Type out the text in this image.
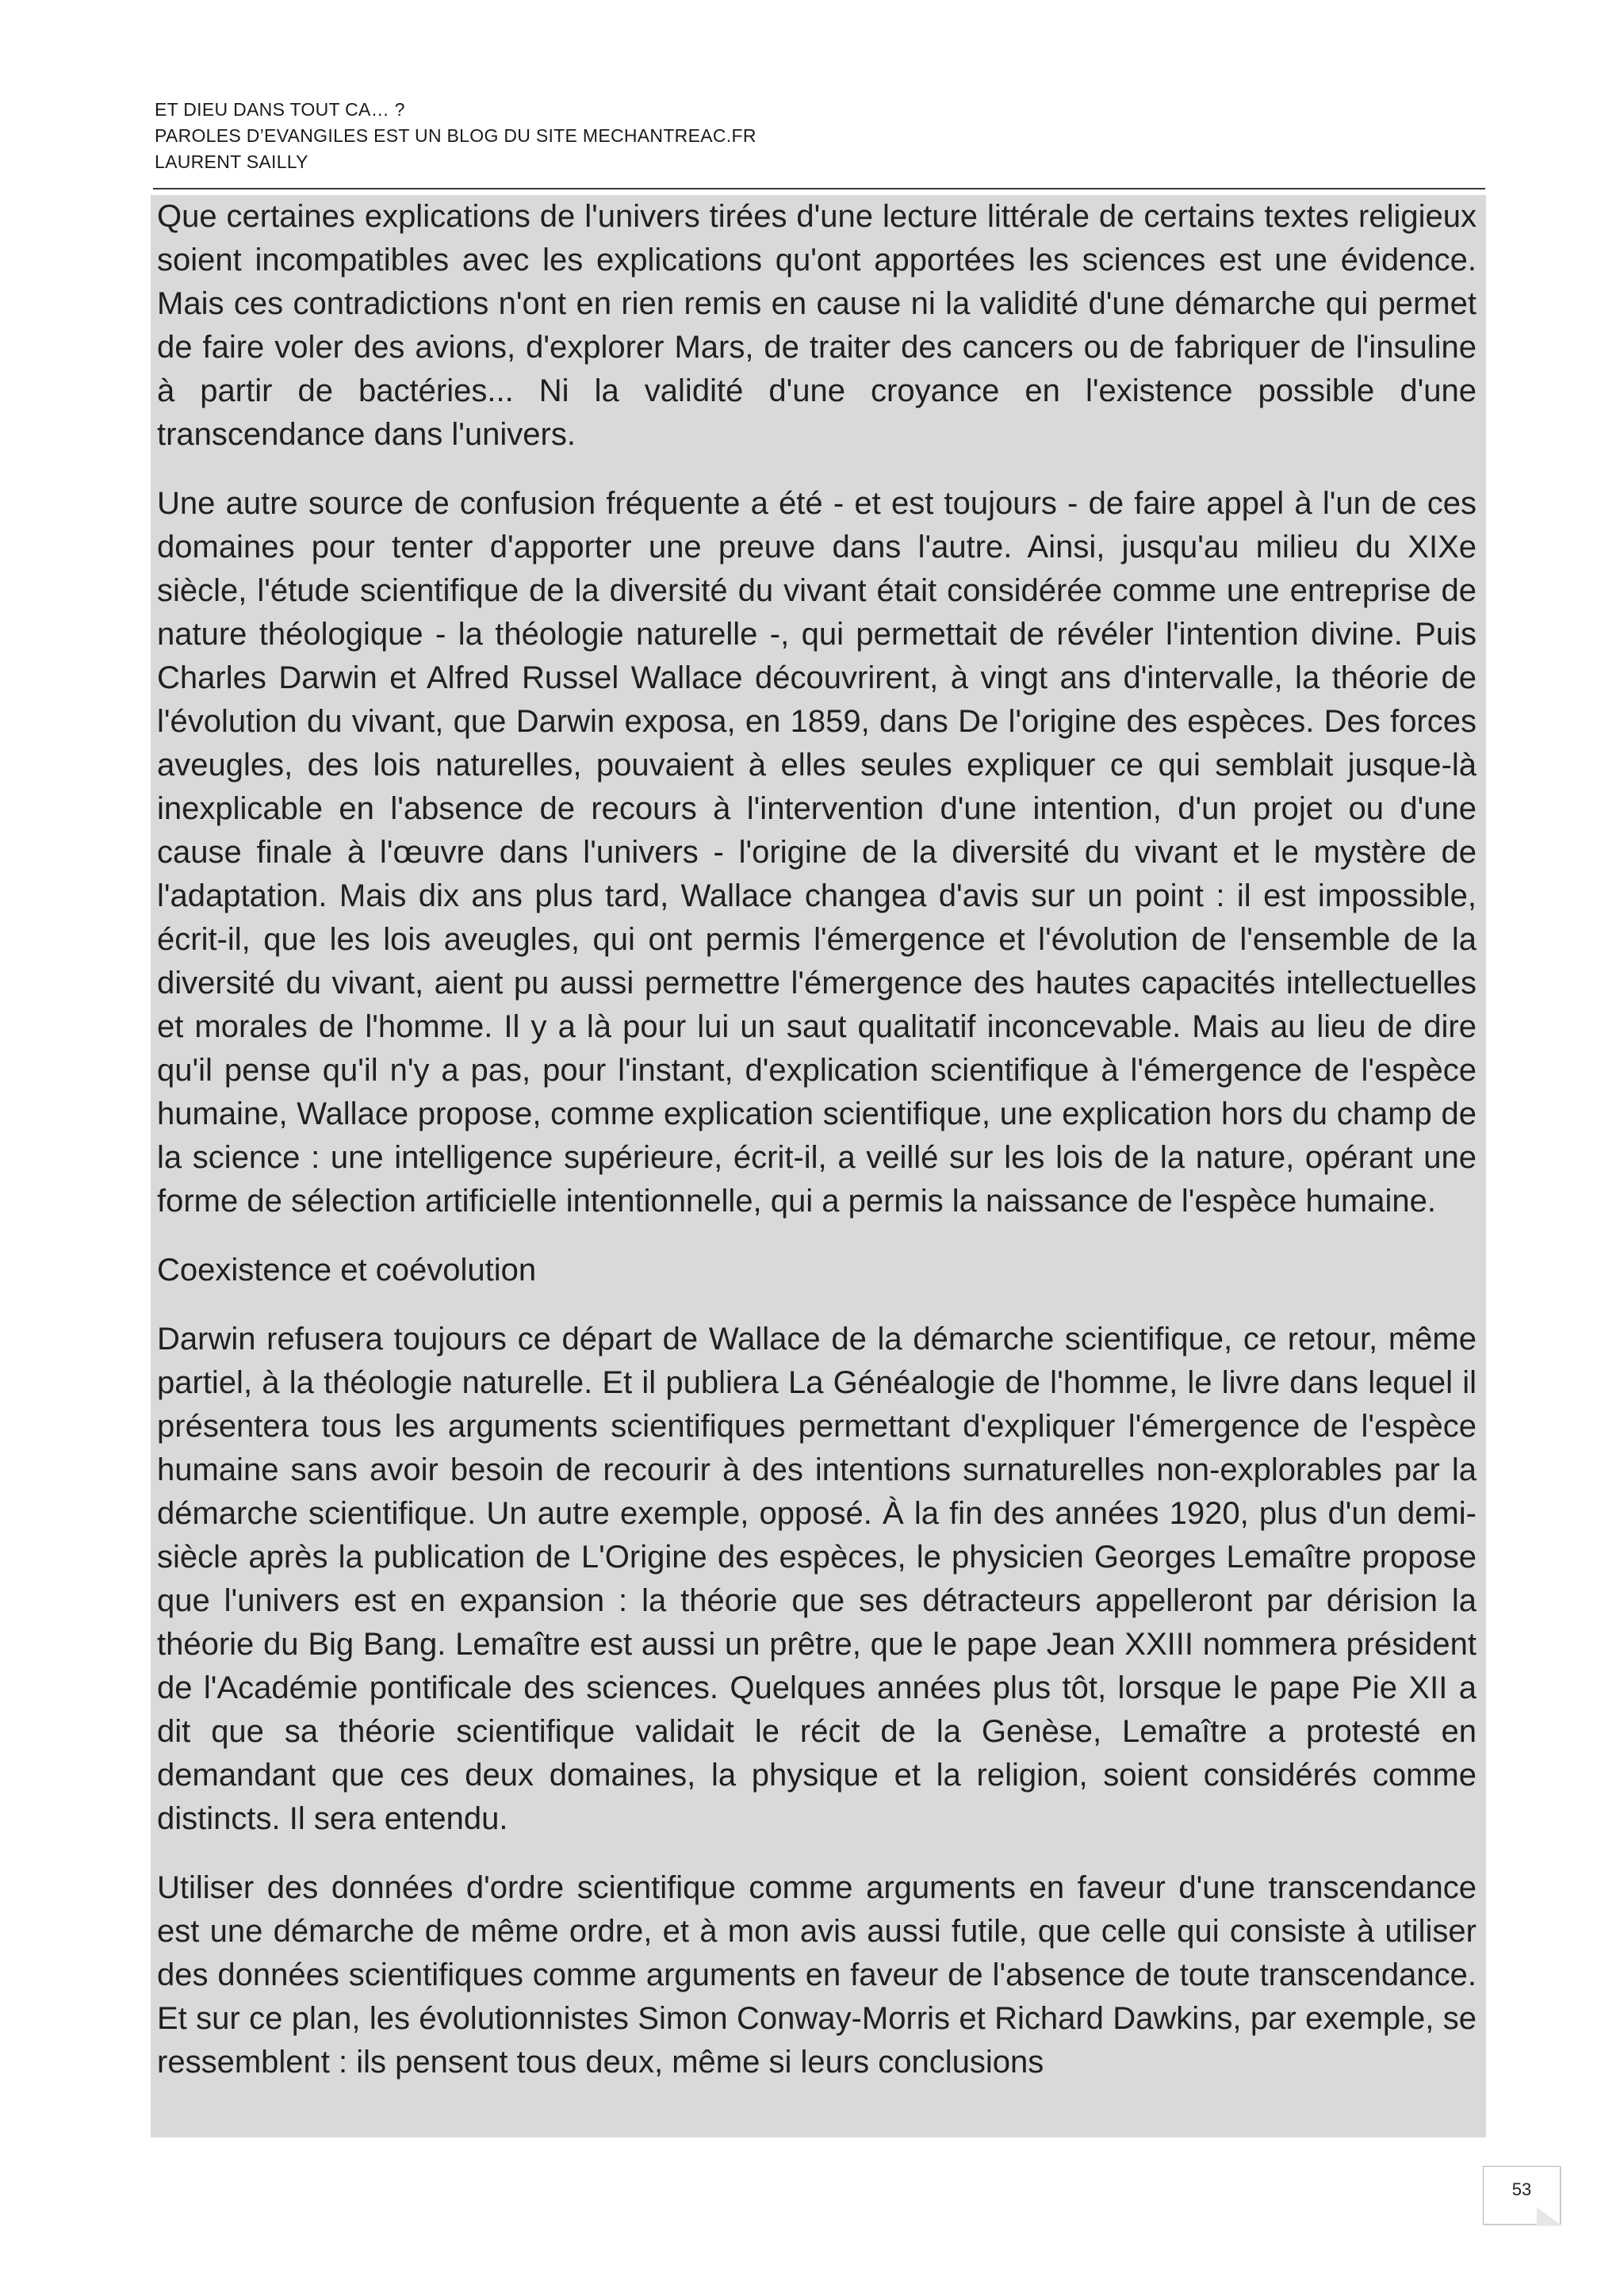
ET DIEU DANS TOUT CA… ?
PAROLES D’EVANGILES EST UN BLOG DU SITE MECHANTREAC.FR
LAURENT SAILLY

Que certaines explications de l'univers tirées d'une lecture littérale de certains textes religieux soient incompatibles avec les explications qu'ont apportées les sciences est une évidence. Mais ces contradictions n'ont en rien remis en cause ni la validité d'une démarche qui permet de faire voler des avions, d'explorer Mars, de traiter des cancers ou de fabriquer de l'insuline à partir de bactéries... Ni la validité d'une croyance en l'existence possible d'une transcendance dans l'univers.

Une autre source de confusion fréquente a été - et est toujours - de faire appel à l'un de ces domaines pour tenter d'apporter une preuve dans l'autre. Ainsi, jusqu'au milieu du XIXe siècle, l'étude scientifique de la diversité du vivant était considérée comme une entreprise de nature théologique - la théologie naturelle -, qui permettait de révéler l'intention divine. Puis Charles Darwin et Alfred Russel Wallace découvrirent, à vingt ans d'intervalle, la théorie de l'évolution du vivant, que Darwin exposa, en 1859, dans De l'origine des espèces. Des forces aveugles, des lois naturelles, pouvaient à elles seules expliquer ce qui semblait jusque-là inexplicable en l'absence de recours à l'intervention d'une intention, d'un projet ou d'une cause finale à l'œuvre dans l'univers - l'origine de la diversité du vivant et le mystère de l'adaptation. Mais dix ans plus tard, Wallace changea d'avis sur un point : il est impossible, écrit-il, que les lois aveugles, qui ont permis l'émergence et l'évolution de l'ensemble de la diversité du vivant, aient pu aussi permettre l'émergence des hautes capacités intellectuelles et morales de l'homme. Il y a là pour lui un saut qualitatif inconcevable. Mais au lieu de dire qu'il pense qu'il n'y a pas, pour l'instant, d'explication scientifique à l'émergence de l'espèce humaine, Wallace propose, comme explication scientifique, une explication hors du champ de la science : une intelligence supérieure, écrit-il, a veillé sur les lois de la nature, opérant une forme de sélection artificielle intentionnelle, qui a permis la naissance de l'espèce humaine.

Coexistence et coévolution

Darwin refusera toujours ce départ de Wallace de la démarche scientifique, ce retour, même partiel, à la théologie naturelle. Et il publiera La Généalogie de l'homme, le livre dans lequel il présentera tous les arguments scientifiques permettant d'expliquer l'émergence de l'espèce humaine sans avoir besoin de recourir à des intentions surnaturelles non-explorables par la démarche scientifique. Un autre exemple, opposé. À la fin des années 1920, plus d'un demi-siècle après la publication de L'Origine des espèces, le physicien Georges Lemaître propose que l'univers est en expansion : la théorie que ses détracteurs appelleront par dérision la théorie du Big Bang. Lemaître est aussi un prêtre, que le pape Jean XXIII nommera président de l'Académie pontificale des sciences. Quelques années plus tôt, lorsque le pape Pie XII a dit que sa théorie scientifique validait le récit de la Genèse, Lemaître a protesté en demandant que ces deux domaines, la physique et la religion, soient considérés comme distincts. Il sera entendu.

Utiliser des données d'ordre scientifique comme arguments en faveur d'une transcendance est une démarche de même ordre, et à mon avis aussi futile, que celle qui consiste à utiliser des données scientifiques comme arguments en faveur de l'absence de toute transcendance. Et sur ce plan, les évolutionnistes Simon Conway-Morris et Richard Dawkins, par exemple, se ressemblent : ils pensent tous deux, même si leurs conclusions

53
